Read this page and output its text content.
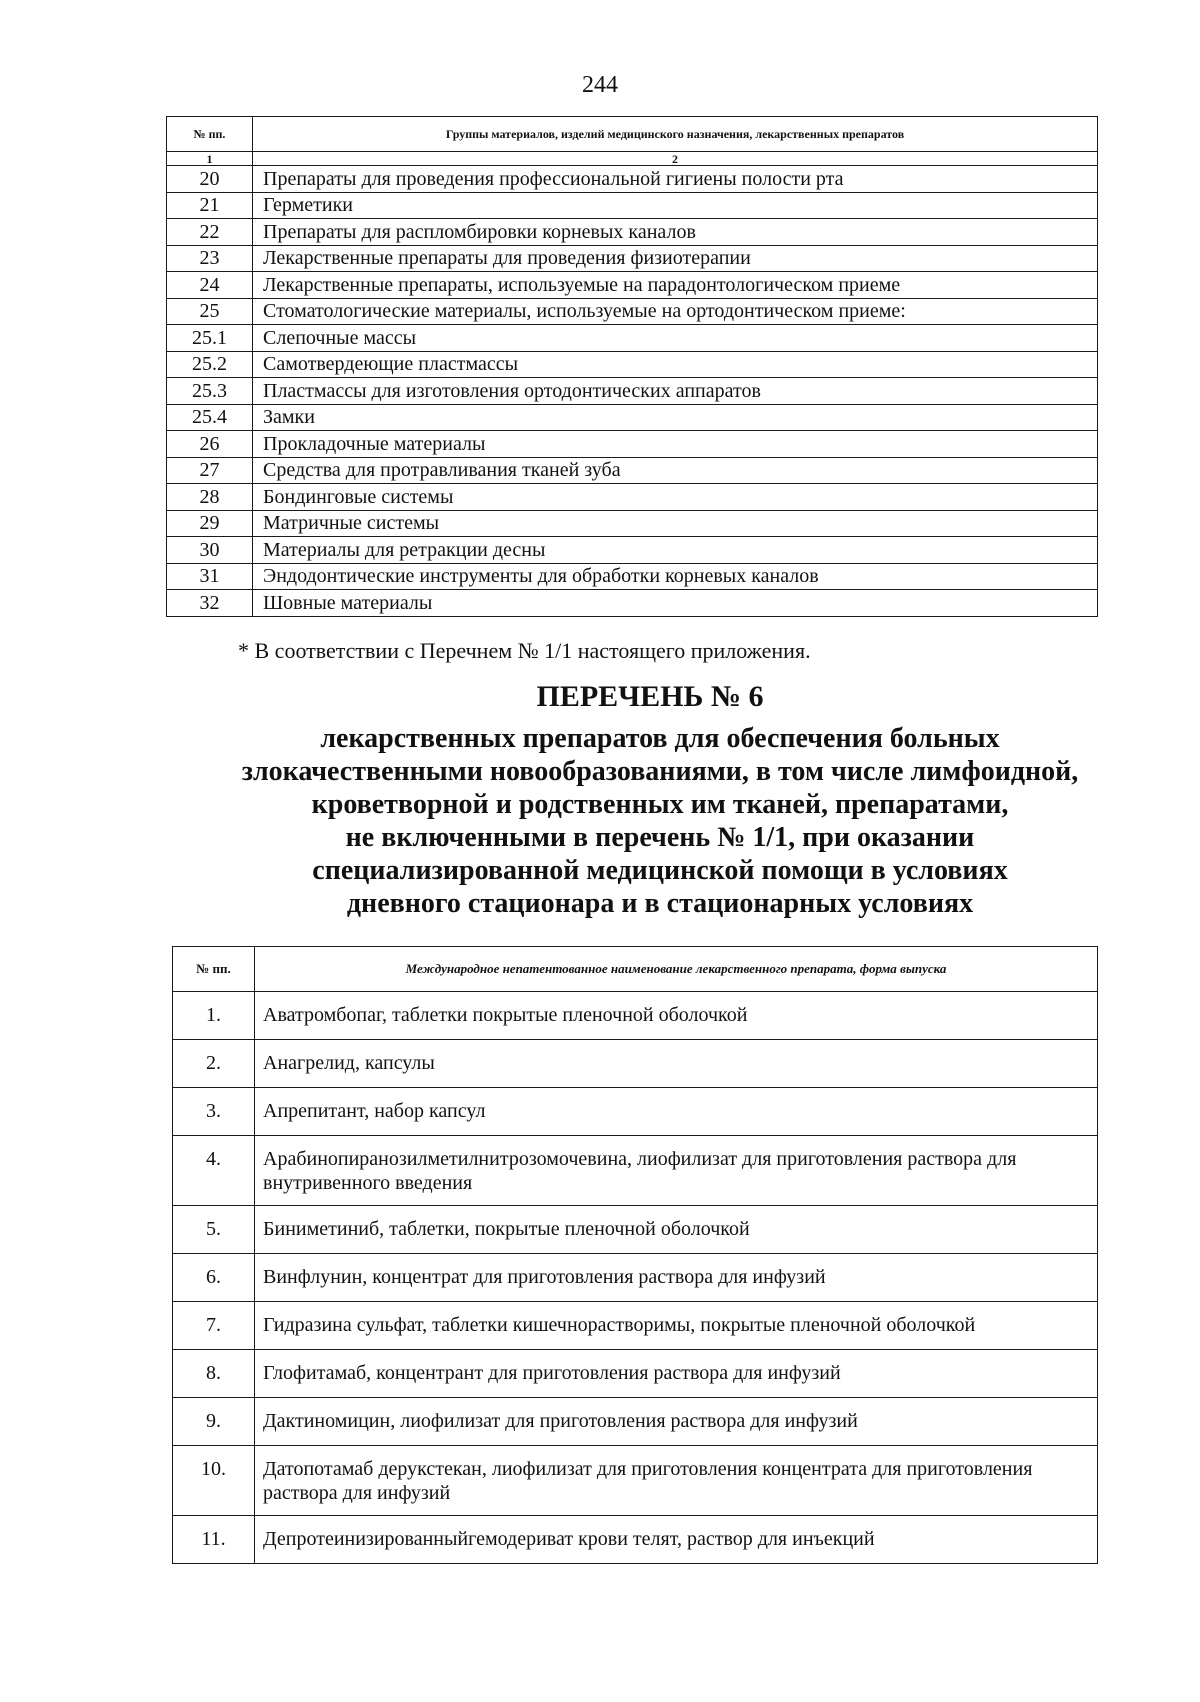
244
№ пп.	Группы материалов, изделий медицинского назначения, лекарственных препаратов
1	2
20	Препараты для проведения профессиональной гигиены полости рта
21	Герметики
22	Препараты для распломбировки корневых каналов
23	Лекарственные препараты для проведения физиотерапии
24	Лекарственные препараты, используемые на парадонтологическом приеме
25	Стоматологические материалы, используемые на ортодонтическом приеме:
25.1	Слепочные массы
25.2	Самотвердеющие пластмассы
25.3	Пластмассы для изготовления ортодонтических аппаратов
25.4	Замки
26	Прокладочные материалы
27	Средства для протравливания тканей зуба
28	Бондинговые системы
29	Матричные системы
30	Материалы для ретракции десны
31	Эндодонтические инструменты для обработки корневых каналов
32	Шовные материалы
* В соответствии с Перечнем № 1/1 настоящего приложения.
ПЕРЕЧЕНЬ № 6
лекарственных препаратов для обеспечения больных
злокачественными новообразованиями, в том числе лимфоидной,
кроветворной и родственных им тканей, препаратами,
не включенными в перечень № 1/1, при оказании
специализированной медицинской помощи в условиях
дневного стационара и в стационарных условиях
№ пп.	Международное непатентованное наименование лекарственного препарата, форма выпуска
1.	Аватромбопаг, таблетки покрытые пленочной оболочкой
2.	Анагрелид, капсулы
3.	Апрепитант, набор капсул
4.	Арабинопиранозилметилнитрозомочевина, лиофилизат для приготовления раствора для внутривенного введения
5.	Биниметиниб, таблетки, покрытые пленочной оболочкой
6.	Винфлунин, концентрат для приготовления раствора для инфузий
7.	Гидразина сульфат, таблетки кишечнорастворимы, покрытые пленочной оболочкой
8.	Глофитамаб, концентрант для приготовления раствора для инфузий
9.	Дактиномицин, лиофилизат для приготовления раствора для инфузий
10.	Датопотамаб дерукстекан, лиофилизат для приготовления концентрата для приготовления раствора для инфузий
11.	Депротеинизированныйгемодериват крови телят, раствор для инъекций
